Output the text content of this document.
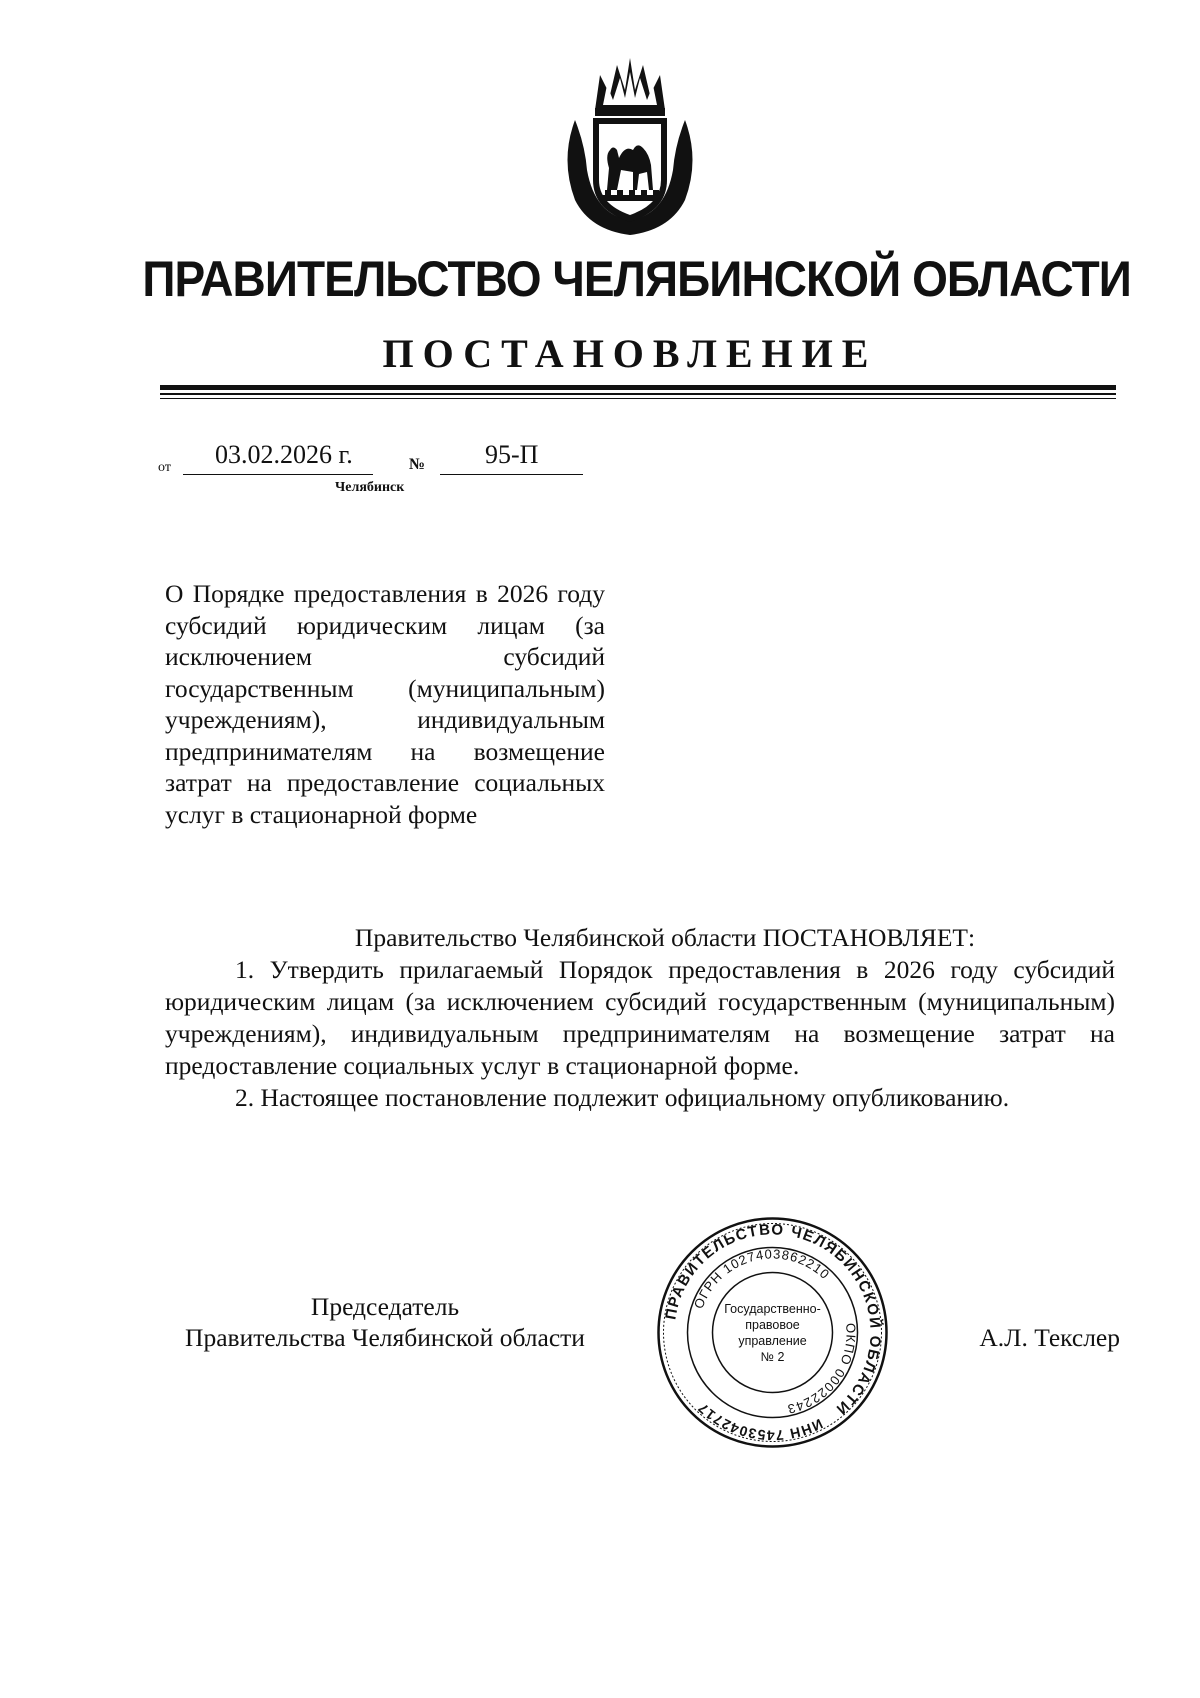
ПРАВИТЕЛЬСТВО ЧЕЛЯБИНСКОЙ ОБЛАСТИ
ПОСТАНОВЛЕНИЕ
от 03.02.2026 г.	№ 95-П
Челябинск
О Порядке предоставления в 2026 году субсидий юридическим лицам (за исключением субсидий государственным (муниципальным) учреждениям), индивидуальным предпринимателям на возмещение затрат на предоставление социальных услуг в стационарной форме

Правительство Челябинской области ПОСТАНОВЛЯЕТ:

1. Утвердить прилагаемый Порядок предоставления в 2026 году субсидий юридическим лицам (за исключением субсидий государственным (муниципальным) учреждениям), индивидуальным предпринимателям на возмещение затрат на предоставление социальных услуг в стационарной форме.

2. Настоящее постановление подлежит официальному опубликованию.

Председатель
Правительства Челябинской области	А.Л. Текслер
ПРАВИТЕЛЬСТВО ЧЕЛЯБИНСКОЙ ОБЛАСТИ
ИНН 7453042717
ОГРН 1027403862210
ОКПО 00022243
Государственно-
правовое
управление
№ 2
